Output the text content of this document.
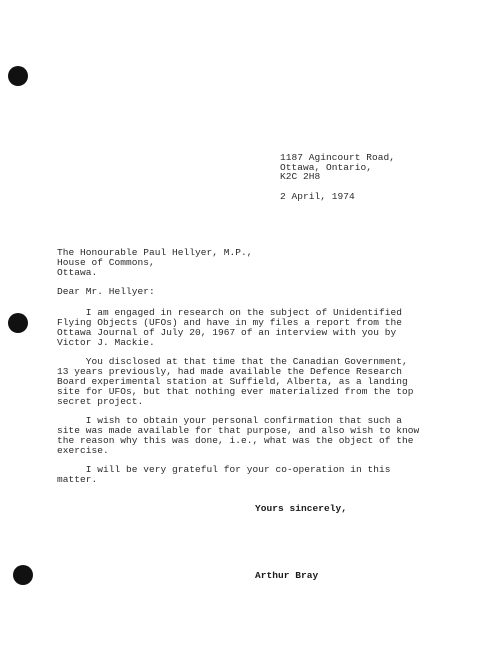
1187 Agincourt Road,
Ottawa, Ontario,
K2C 2H8
2 April, 1974
The Honourable Paul Hellyer, M.P.,
House of Commons,
Ottawa.
Dear Mr. Hellyer:
I am engaged in research on the subject of Unidentified
Flying Objects (UFOs) and have in my files a report from the
Ottawa Journal of July 20, 1967 of an interview with you by
Victor J. Mackie.
You disclosed at that time that the Canadian Government,
13 years previously, had made available the Defence Research
Board experimental station at Suffield, Alberta, as a landing
site for UFOs, but that nothing ever materialized from the top
secret project.
I wish to obtain your personal confirmation that such a
site was made available for that purpose, and also wish to know
the reason why this was done, i.e., what was the object of the
exercise.
I will be very grateful for your co-operation in this
matter.
Yours sincerely,
Arthur Bray
